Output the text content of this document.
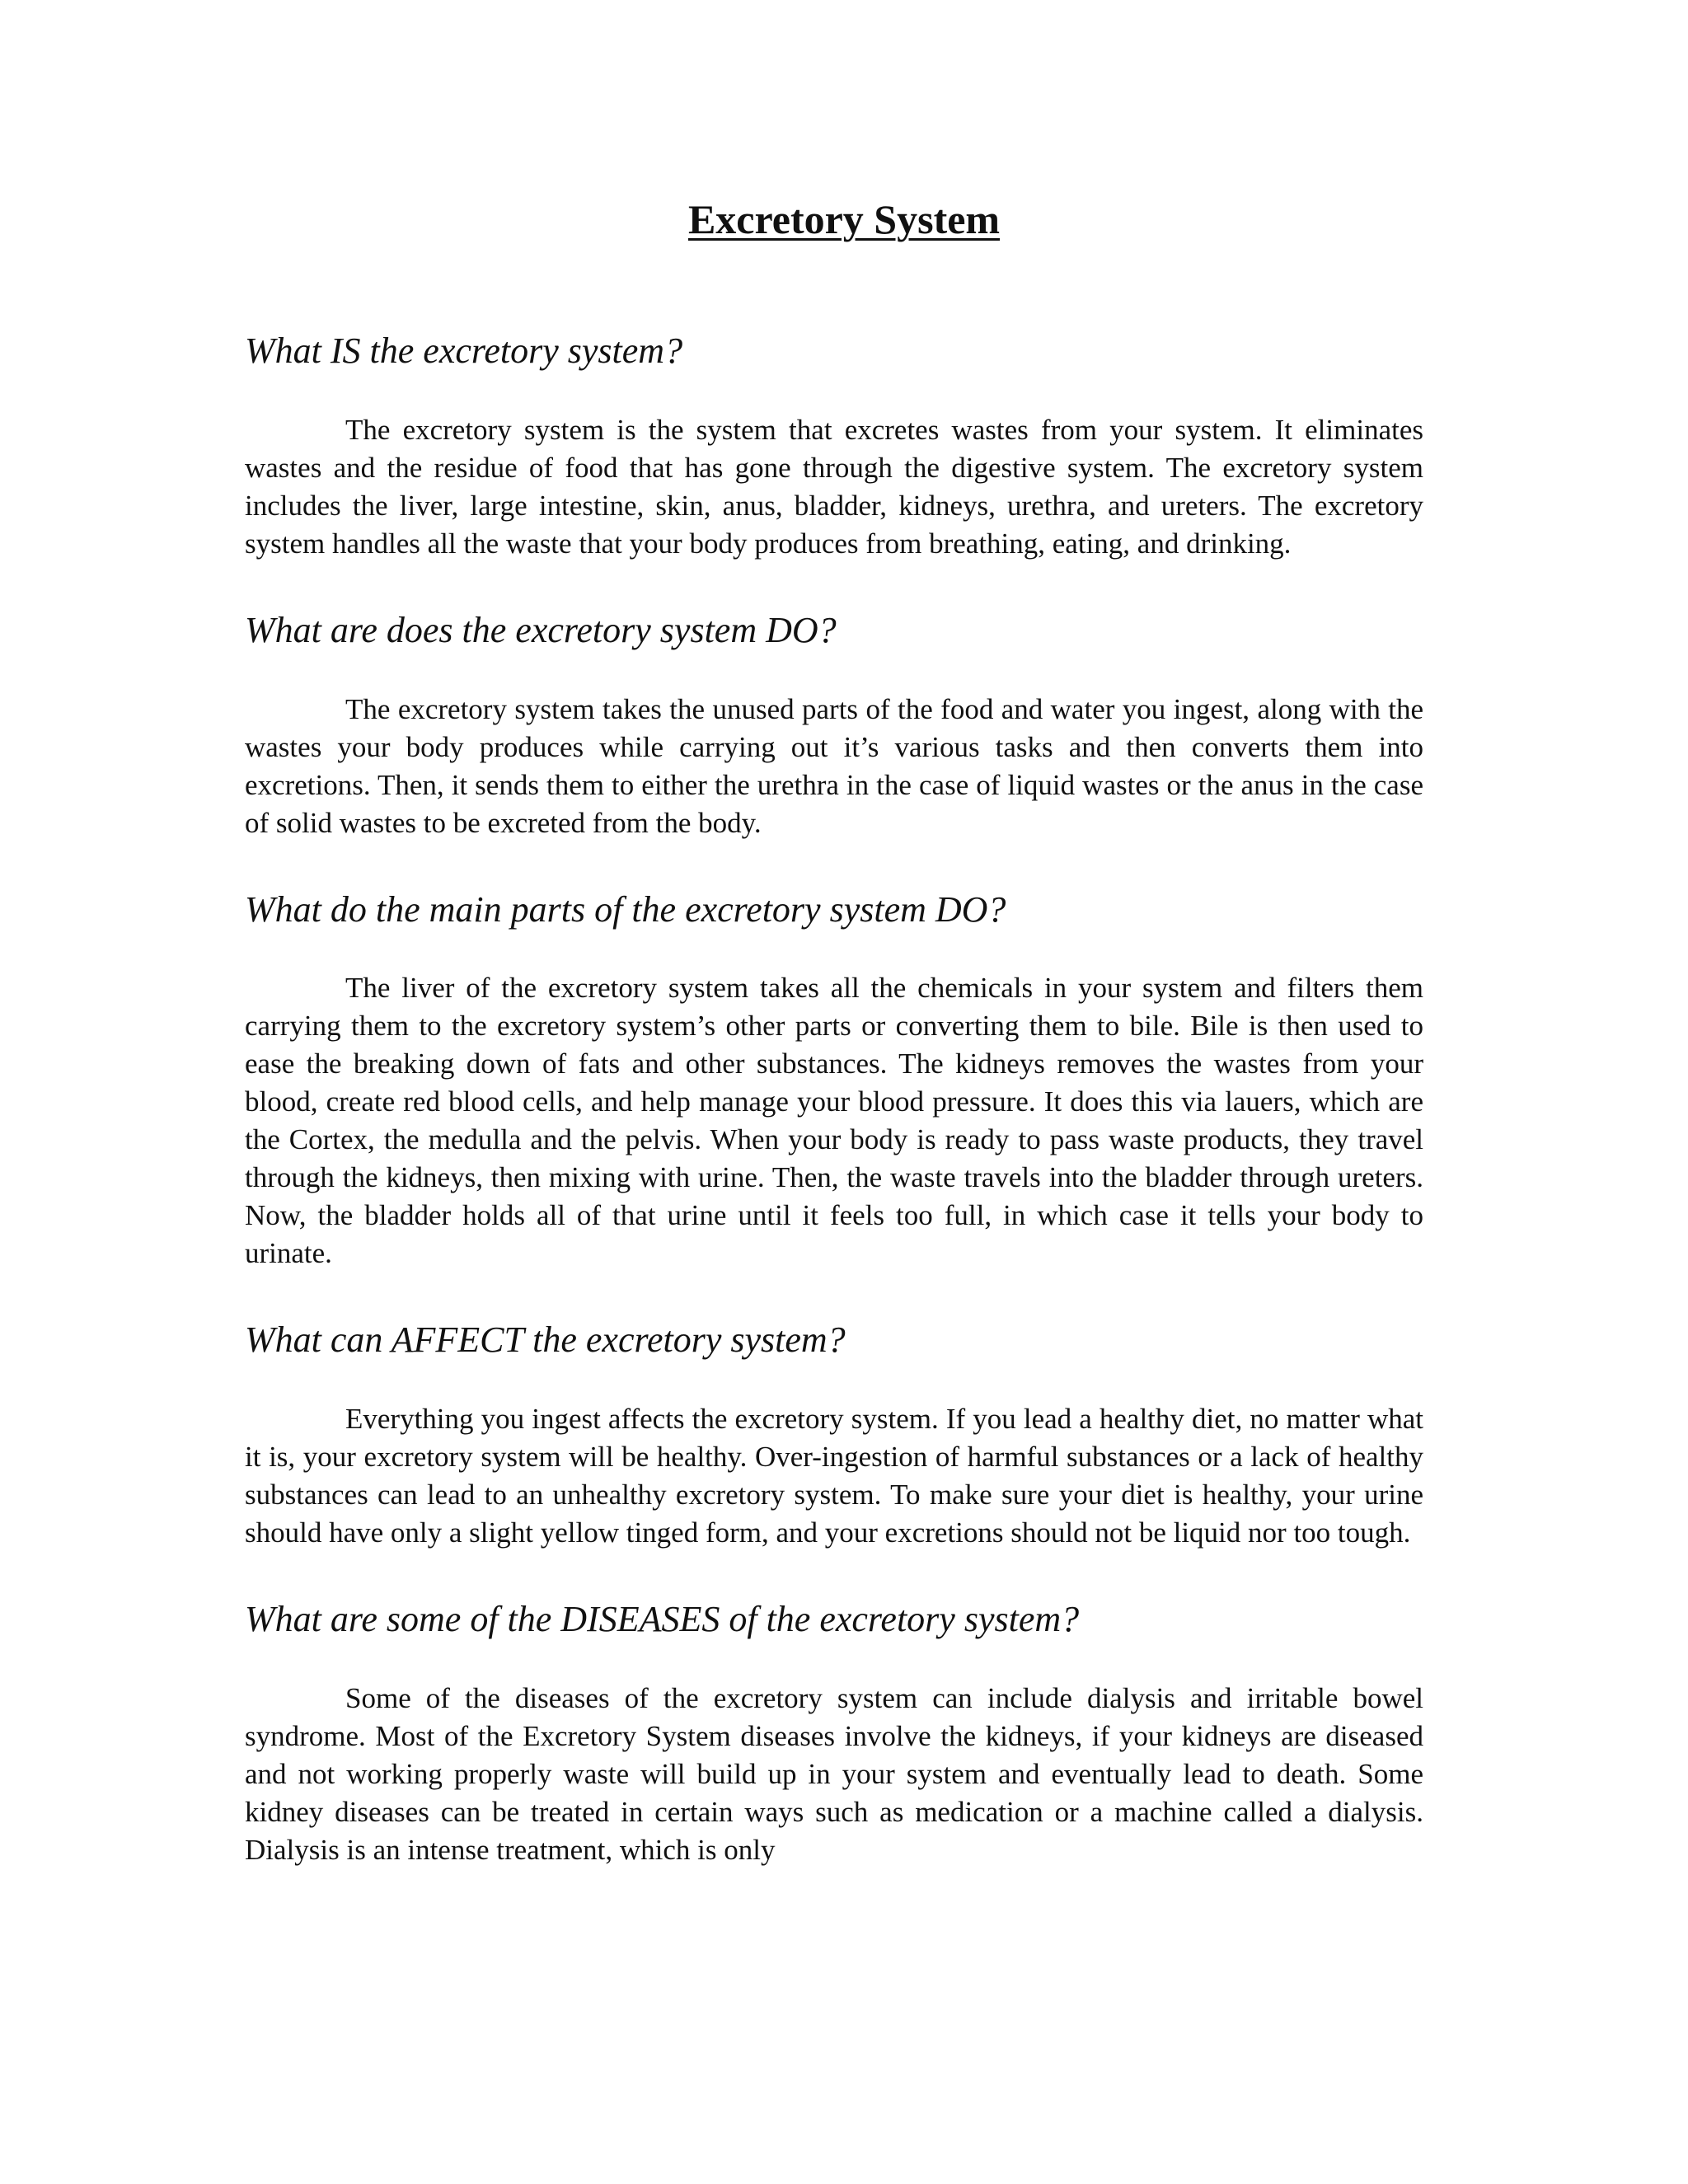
Excretory System
What IS the excretory system?

The excretory system is the system that excretes wastes from your system. It eliminates wastes and the residue of food that has gone through the digestive system. The excretory system includes the liver, large intestine, skin, anus, bladder, kidneys, urethra, and ureters. The excretory system handles all the waste that your body produces from breathing, eating, and drinking.

What are does the excretory system DO?

The excretory system takes the unused parts of the food and water you ingest, along with the wastes your body produces while carrying out it’s various tasks and then converts them into excretions. Then, it sends them to either the urethra in the case of liquid wastes or the anus in the case of solid wastes to be excreted from the body.

What do the main parts of the excretory system DO?

The liver of the excretory system takes all the chemicals in your system and filters them carrying them to the excretory system’s other parts or converting them to bile. Bile is then used to ease the breaking down of fats and other substances. The kidneys removes the wastes from your blood, create red blood cells, and help manage your blood pressure. It does this via lauers, which are the Cortex, the medulla and the pelvis. When your body is ready to pass waste products, they travel through the kidneys, then mixing with urine. Then, the waste travels into the bladder through ureters. Now, the bladder holds all of that urine until it feels too full, in which case it tells your body to urinate.

What can AFFECT the excretory system?

Everything you ingest affects the excretory system. If you lead a healthy diet, no matter what it is, your excretory system will be healthy. Over-ingestion of harmful substances or a lack of healthy substances can lead to an unhealthy excretory system. To make sure your diet is healthy, your urine should have only a slight yellow tinged form, and your excretions should not be liquid nor too tough.

What are some of the DISEASES of the excretory system?

Some of the diseases of the excretory system can include dialysis and irritable bowel syndrome. Most of the Excretory System diseases involve the kidneys, if your kidneys are diseased and not working properly waste will build up in your system and eventually lead to death. Some kidney diseases can be treated in certain ways such as medication or a machine called a dialysis. Dialysis is an intense treatment, which is only
